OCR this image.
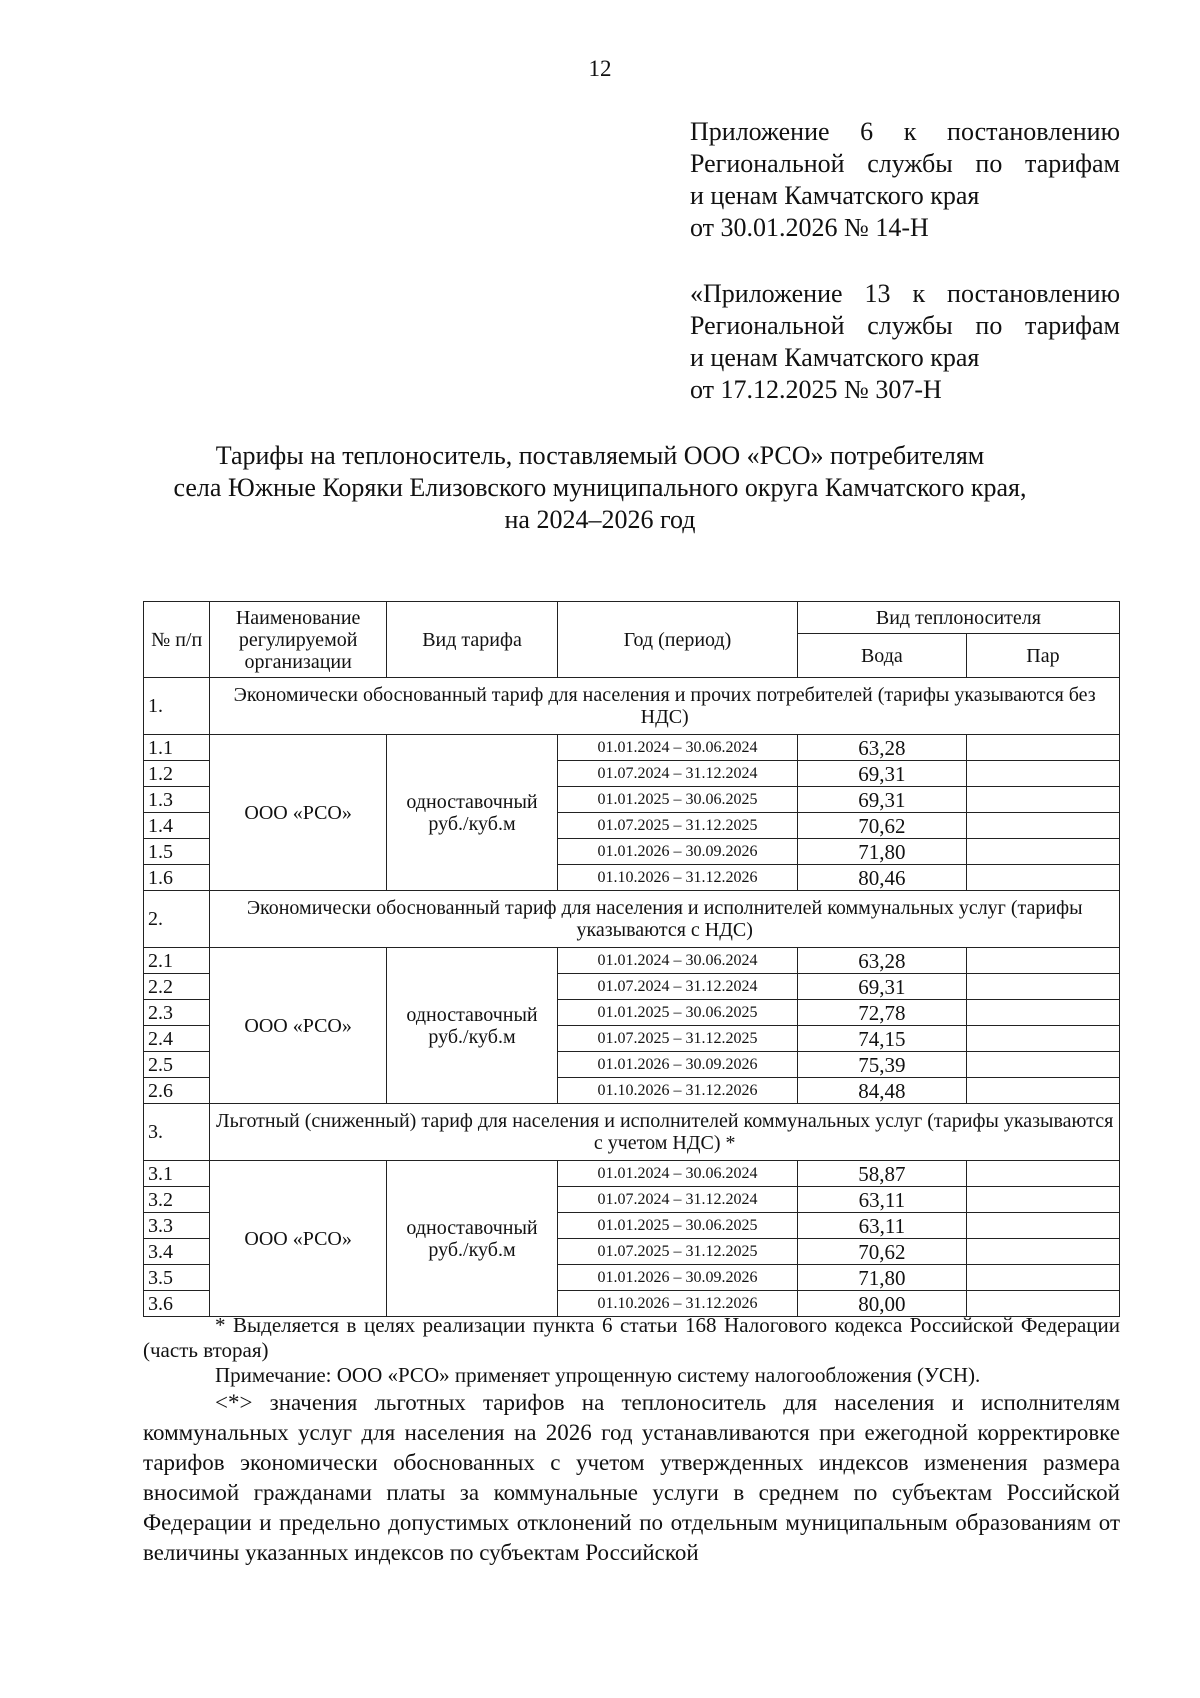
12
Приложение 6 к постановлению
Региональной службы по тарифам
и ценам Камчатского края
от 30.01.2026 № 14-Н
«Приложение 13 к постановлению
Региональной службы по тарифам
и ценам Камчатского края
от 17.12.2025 № 307-Н
Тарифы на теплоноситель, поставляемый ООО «РСО» потребителям
села Южные Коряки Елизовского муниципального округа Камчатского края,
на 2024–2026 год
№ п/п	Наименование регулируемой организации	Вид тарифа	Год (период)	Вид теплоносителя	
				Вода	Пар
1.	Экономически обоснованный тариф для населения и прочих потребителей (тарифы указываются без НДС)				
1.1	ООО «РСО»	одноставочный руб./куб.м	01.01.2024 – 30.06.2024	63,28	
1.2			01.07.2024 – 31.12.2024	69,31	
1.3			01.01.2025 – 30.06.2025	69,31	
1.4			01.07.2025 – 31.12.2025	70,62	
1.5			01.01.2026 – 30.09.2026	71,80	
1.6			01.10.2026 – 31.12.2026	80,46	
2.	Экономически обоснованный тариф для населения и исполнителей коммунальных услуг (тарифы указываются с НДС)				
2.1	ООО «РСО»	одноставочный руб./куб.м	01.01.2024 – 30.06.2024	63,28	
2.2			01.07.2024 – 31.12.2024	69,31	
2.3			01.01.2025 – 30.06.2025	72,78	
2.4			01.07.2025 – 31.12.2025	74,15	
2.5			01.01.2026 – 30.09.2026	75,39	
2.6			01.10.2026 – 31.12.2026	84,48	
3.	Льготный (сниженный) тариф для населения и исполнителей коммунальных услуг (тарифы указываются с учетом НДС) *				
3.1	ООО «РСО»	одноставочный руб./куб.м	01.01.2024 – 30.06.2024	58,87	
3.2			01.07.2024 – 31.12.2024	63,11	
3.3			01.01.2025 – 30.06.2025	63,11	
3.4			01.07.2025 – 31.12.2025	70,62	
3.5			01.01.2026 – 30.09.2026	71,80	
3.6			01.10.2026 – 31.12.2026	80,00	
* Выделяется в целях реализации пункта 6 статьи 168 Налогового кодекса Российской Федерации (часть вторая)
Примечание: ООО «РСО» применяет упрощенную систему налогообложения (УСН).
<*> значения льготных тарифов на теплоноситель для населения и исполнителям коммунальных услуг для населения на 2026 год устанавливаются при ежегодной корректировке тарифов экономически обоснованных с учетом утвержденных индексов изменения размера вносимой гражданами платы за коммунальные услуги в среднем по субъектам Российской Федерации и предельно допустимых отклонений по отдельным муниципальным образованиям от величины указанных индексов по субъектам Российской
